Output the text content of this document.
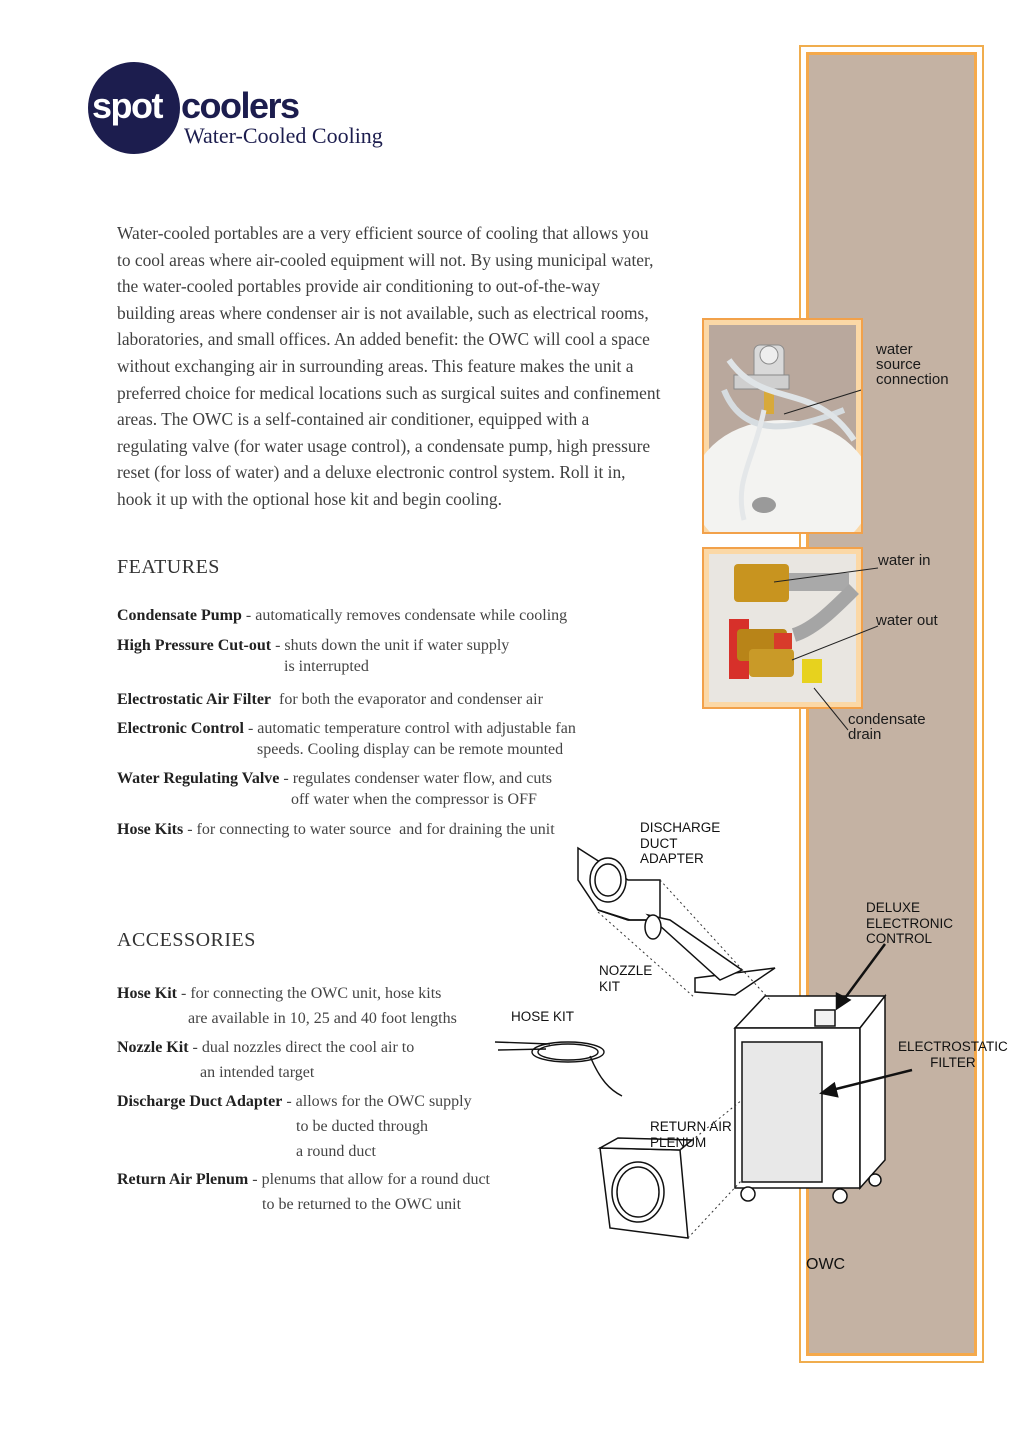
spot coolers
Water-Cooled Cooling
Water-cooled portables are a very efficient source of cooling that allows you to cool areas where air-cooled equipment will not. By using municipal water, the water-cooled portables provide air conditioning to out-of-the-way building areas where condenser air is not available, such as electrical rooms, laboratories, and small offices. An added benefit: the OWC will cool a space without exchanging air in surrounding areas. This feature makes the unit a preferred choice for medical locations such as surgical suites and confinement areas. The OWC is a self-contained air conditioner, equipped with a regulating valve (for water usage control), a condensate pump, high pressure reset (for loss of water) and a deluxe electronic control system. Roll it in, hook it up with the optional hose kit and begin cooling.
FEATURES
Condensate Pump - automatically removes condensate while cooling
High Pressure Cut-out - shuts down the unit if water supply
is interrupted
Electrostatic Air Filter  for both the evaporator and condenser air
Electronic Control - automatic temperature control with adjustable fan
speeds. Cooling display can be remote mounted
Water Regulating Valve - regulates condenser water flow, and cuts
off water when the compressor is OFF
Hose Kits - for connecting to water source  and for draining the unit
ACCESSORIES
Hose Kit - for connecting the OWC unit, hose kits
are available in 10, 25 and 40 foot lengths
Nozzle Kit - dual nozzles direct the cool air to
an intended target
Discharge Duct Adapter - allows for the OWC supply
to be ducted through
a round duct
Return Air Plenum - plenums that allow for a round duct
to be returned to the OWC unit
water
source
connection
water in
water out
condensate
drain
DISCHARGE
DUCT
ADAPTER
DELUXE
ELECTRONIC
CONTROL
NOZZLE
KIT
HOSE KIT
ELECTROSTATIC
FILTER
RETURN AIR
PLENUM
OWC
